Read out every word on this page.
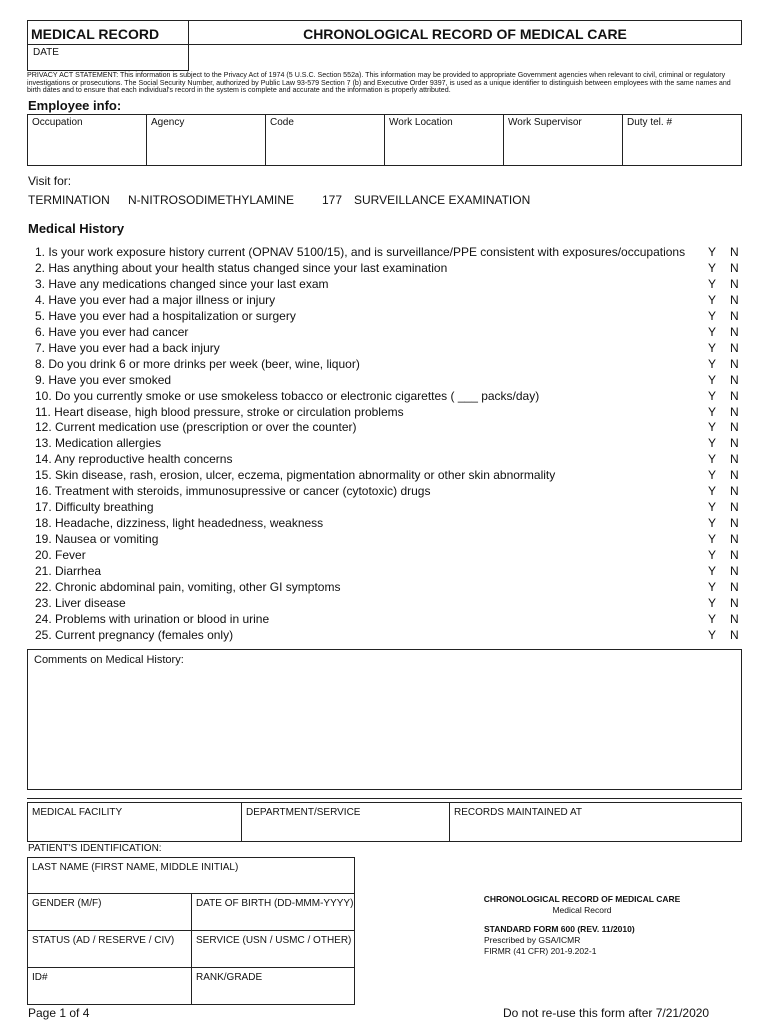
MEDICAL RECORD	CHRONOLOGICAL RECORD OF MEDICAL CARE
DATE
PRIVACY ACT STATEMENT: This information is subject to the Privacy Act of 1974 (5 U.S.C. Section 552a). This information may be provided to appropriate Government agencies when relevant to civil, criminal or regulatory investigations or prosecutions. The Social Security Number, authorized by Public Law 93-579 Section 7 (b) and Executive Order 9397, is used as a unique identifier to distinguish between employees with the same names and birth dates and to ensure that each individual's record in the system is complete and accurate and the information is properly attributed.
Employee info:
Occupation	Agency	Code	Work Location	Work Supervisor	Duty tel. #
Visit for:
TERMINATION N-NITROSODIMETHYLAMINE 177 SURVEILLANCE EXAMINATION
Medical History
1. Is your work exposure history current (OPNAV 5100/15), and is surveillance/PPE consistent with exposures/occupations Y N
2. Has anything about your health status changed since your last examination	Y N
3. Have any medications changed since your last exam	Y N
4. Have you ever had a major illness or injury	Y N
5. Have you ever had a hospitalization or surgery	Y N
6. Have you ever had cancer	Y N
7. Have you ever had a back injury	Y N
8. Do you drink 6 or more drinks per week (beer, wine, liquor)	Y N
9. Have you ever smoked	Y N
10. Do you currently smoke or use smokeless tobacco or electronic cigarettes ( ___ packs/day)	Y N
11. Heart disease, high blood pressure, stroke or circulation problems	Y N
12. Current medication use (prescription or over the counter)	Y N
13. Medication allergies	Y N
14. Any reproductive health concerns	Y N
15. Skin disease, rash, erosion, ulcer, eczema, pigmentation abnormality or other skin abnormality	Y N
16. Treatment with steroids, immunosupressive or cancer (cytotoxic) drugs	Y N
17. Difficulty breathing	Y N
18. Headache, dizziness, light headedness, weakness	Y N
19. Nausea or vomiting	Y N
20. Fever	Y N
21. Diarrhea	Y N
22. Chronic abdominal pain, vomiting, other GI symptoms	Y N
23. Liver disease	Y N
24. Problems with urination or blood in urine	Y N
25. Current pregnancy (females only)	Y N
Comments on Medical History:
MEDICAL FACILITY	DEPARTMENT/SERVICE	RECORDS MAINTAINED AT
PATIENT'S IDENTIFICATION:
LAST NAME (FIRST NAME, MIDDLE INITIAL)
GENDER (M/F)	DATE OF BIRTH (DD-MMM-YYYY)
STATUS (AD / RESERVE / CIV)	SERVICE (USN / USMC / OTHER)
ID#	RANK/GRADE
CHRONOLOGICAL RECORD OF MEDICAL CARE
Medical Record
STANDARD FORM 600 (REV. 11/2010)
Prescribed by GSA/ICMR
FIRMR (41 CFR) 201-9.202-1
Page 1 of 4	Do not re-use this form after 7/21/2020
